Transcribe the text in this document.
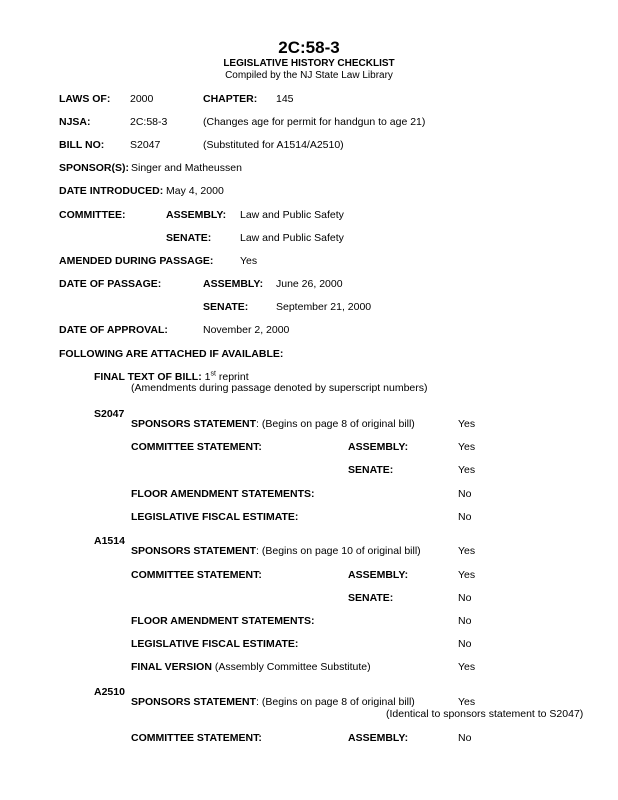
2C:58-3
LEGISLATIVE HISTORY CHECKLIST
Compiled by the NJ State Law Library
LAWS OF: 2000	CHAPTER: 145
NJSA:	2C:58-3	(Changes age for permit for handgun to age 21)
BILL NO: S2047	(Substituted for A1514/A2510)
SPONSOR(S): Singer and Matheussen
DATE INTRODUCED: May 4, 2000
COMMITTEE:	ASSEMBLY: Law and Public Safety
SENATE:	Law and Public Safety
AMENDED DURING PASSAGE:	Yes
DATE OF PASSAGE:	ASSEMBLY: June 26, 2000
SENATE:	September 21, 2000
DATE OF APPROVAL:	November 2, 2000
FOLLOWING ARE ATTACHED IF AVAILABLE:
FINAL TEXT OF BILL: 1st reprint
(Amendments during passage denoted by superscript numbers)
S2047
SPONSORS STATEMENT: (Begins on page 8 of original bill)	Yes
COMMITTEE STATEMENT:	ASSEMBLY:	Yes
SENATE:	Yes
FLOOR AMENDMENT STATEMENTS:	No
LEGISLATIVE FISCAL ESTIMATE:	No
A1514
SPONSORS STATEMENT: (Begins on page 10 of original bill)	Yes
COMMITTEE STATEMENT:	ASSEMBLY:	Yes
SENATE:	No
FLOOR AMENDMENT STATEMENTS:	No
LEGISLATIVE FISCAL ESTIMATE:	No
FINAL VERSION (Assembly Committee Substitute)	Yes
A2510
SPONSORS STATEMENT: (Begins on page 8 of original bill)	Yes
(Identical to sponsors statement to S2047)
COMMITTEE STATEMENT:	ASSEMBLY:	No
